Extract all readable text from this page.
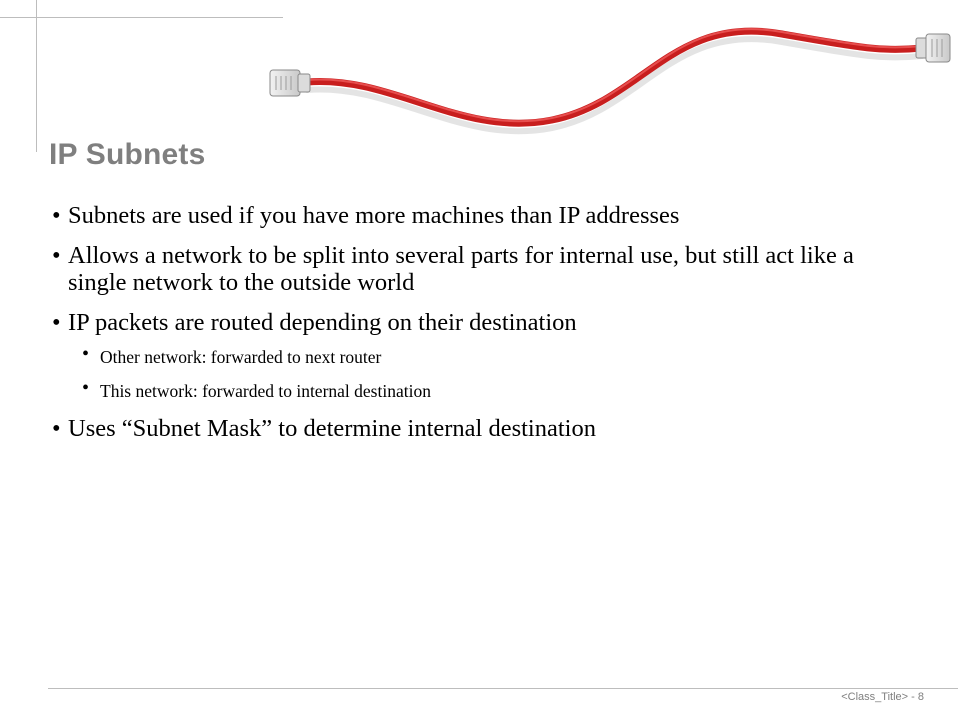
IP Subnets
• Subnets are used if you have more machines than IP addresses
• Allows a network to be split into several parts for internal use, but still act like a single network to the outside world
• IP packets are routed depending on their destination
• Other network: forwarded to next router
• This network: forwarded to internal destination
• Uses “Subnet Mask” to determine internal destination
<Class_Title> - 8
